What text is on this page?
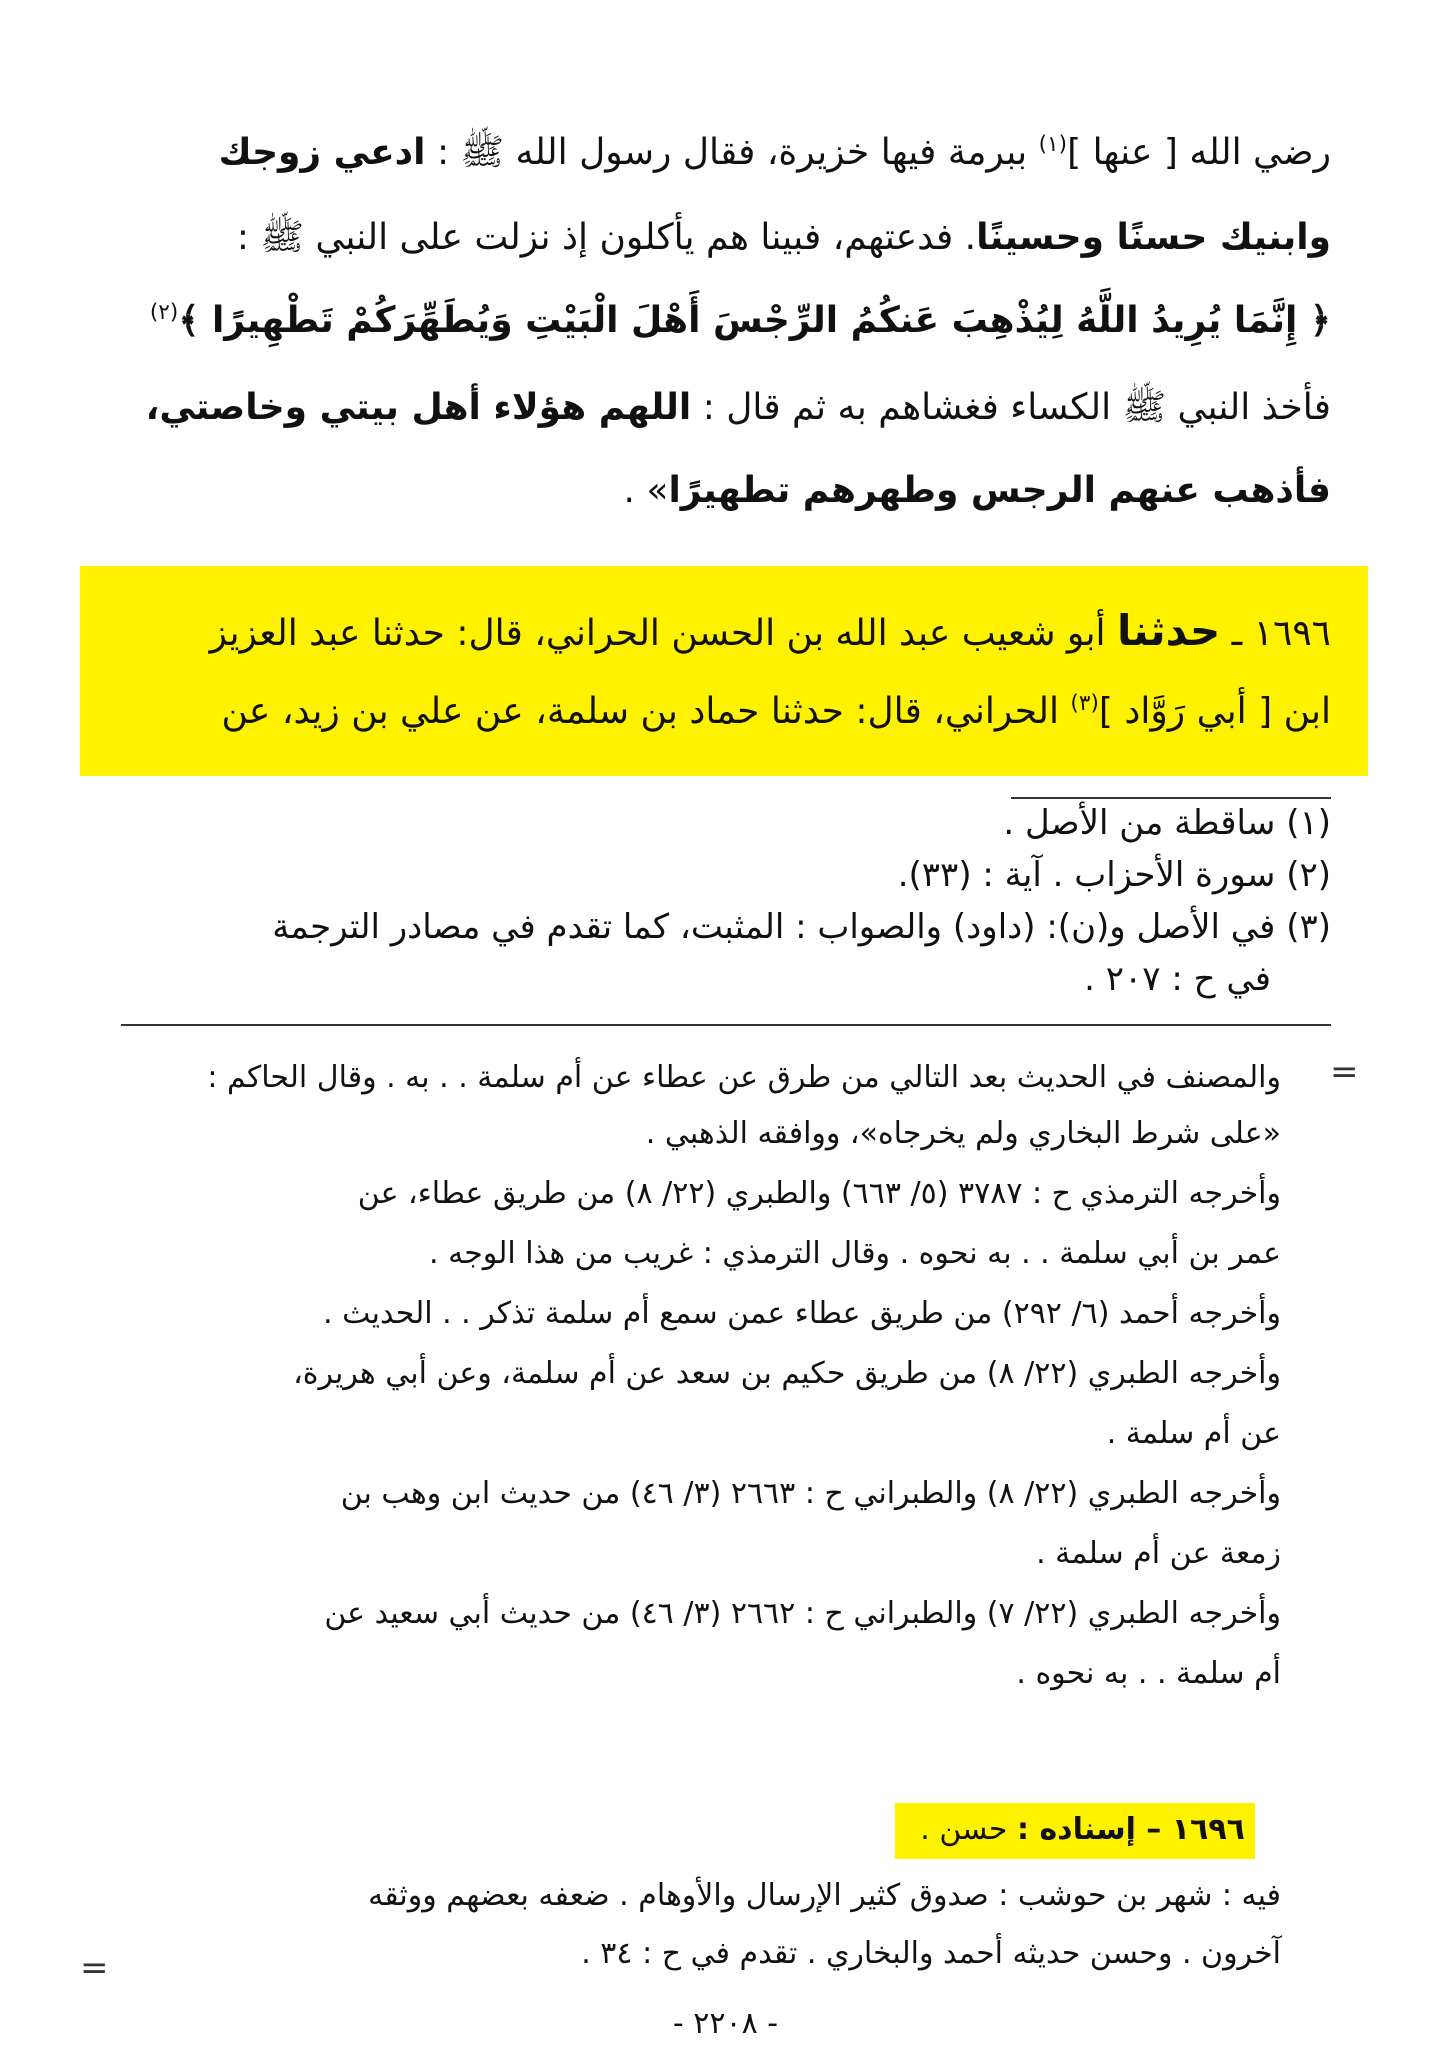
رضي الله [ عنها ]$^{(١)}$ ببرمة فيها خزيرة، فقال رسول الله ﷺ : ادعي زوجك
وابنيك حسنًا وحسينًا. فدعتهم، فبينا هم يأكلون إذ نزلت على النبي ﷺ :
﴿ إِنَّمَا يُرِيدُ اللَّهُ لِيُذْهِبَ عَنكُمُ الرِّجْسَ أَهْلَ الْبَيْتِ وَيُطَهِّرَكُمْ تَطْهِيرًا ﴾$^{(٢)}$
فأخذ النبي ﷺ الكساء فغشاهم به ثم قال : اللهم هؤلاء أهل بيتي وخاصتي،
فأذهب عنهم الرجس وطهرهم تطهيرًا» .
١٦٩٦ ـ حدثنا أبو شعيب عبد الله بن الحسن الحراني، قال: حدثنا عبد العزيز
ابن [ أبي رَوَّاد ]$^{(٣)}$ الحراني، قال: حدثنا حماد بن سلمة، عن علي بن زيد، عن
(١) ساقطة من الأصل .
(٢) سورة الأحزاب . آية : (٣٣).
(٣) في الأصل و(ن): (داود) والصواب : المثبت، كما تقدم في مصادر الترجمة
في ح : ٢٠٧ .
والمصنف في الحديث بعد التالي من طرق عن عطاء عن أم سلمة . . به . وقال الحاكم :
«على شرط البخاري ولم يخرجاه»، ووافقه الذهبي .
وأخرجه الترمذي ح : ٣٧٨٧ (٥/ ٦٦٣) والطبري (٢٢/ ٨) من طريق عطاء، عن
عمر بن أبي سلمة . . به نحوه . وقال الترمذي : غريب من هذا الوجه .
وأخرجه أحمد (٦/ ٢٩٢) من طريق عطاء عمن سمع أم سلمة تذكر . . الحديث .
وأخرجه الطبري (٢٢/ ٨) من طريق حكيم بن سعد عن أم سلمة، وعن أبي هريرة،
عن أم سلمة .
وأخرجه الطبري (٢٢/ ٨) والطبراني ح : ٢٦٦٣ (٣/ ٤٦) من حديث ابن وهب بن
زمعة عن أم سلمة .
وأخرجه الطبري (٢٢/ ٧) والطبراني ح : ٢٦٦٢ (٣/ ٤٦) من حديث أبي سعيد عن
أم سلمة . . به نحوه .
١٦٩٦ – إسناده : حسن .
فيه : شهر بن حوشب : صدوق كثير الإرسال والأوهام . ضعفه بعضهم ووثقه
آخرون . وحسن حديثه أحمد والبخاري . تقدم في ح : ٣٤ .
=
=
- ٢٢٠٨ -
